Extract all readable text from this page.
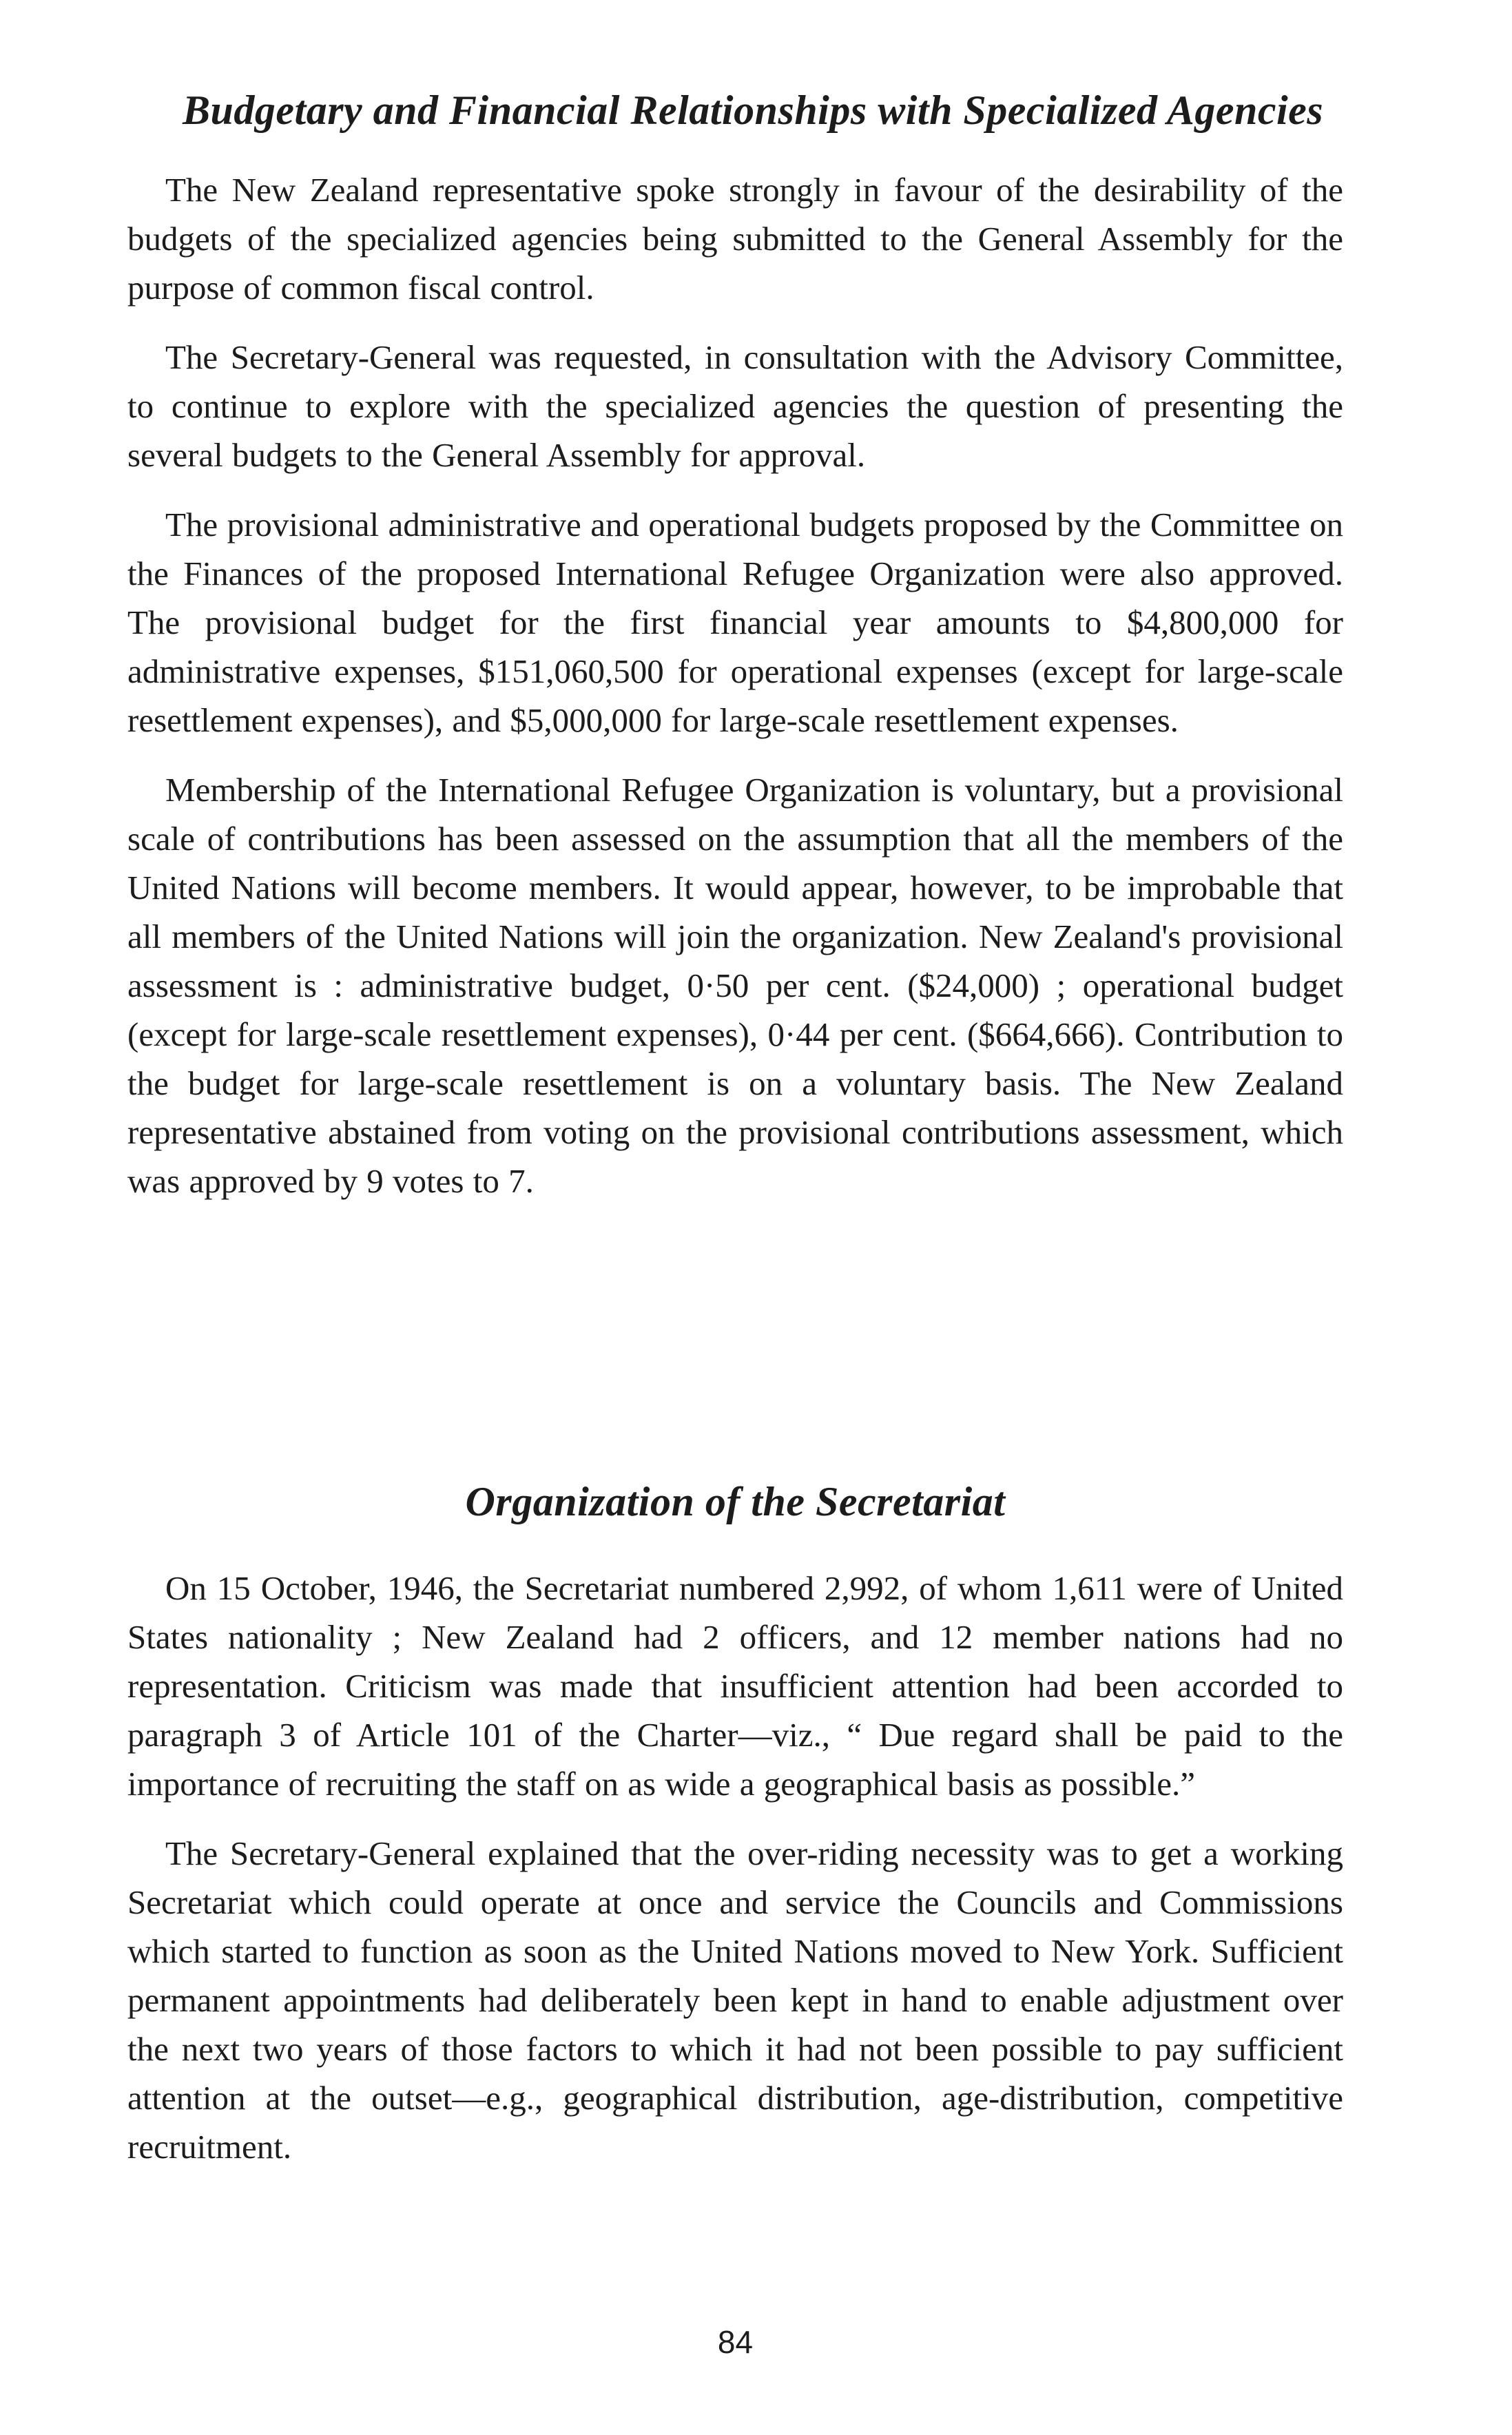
Budgetary and Financial Relationships with Specialized Agencies

The New Zealand representative spoke strongly in favour of the desirability of the budgets of the specialized agencies being submitted to the General Assembly for the purpose of common fiscal control.

The Secretary-General was requested, in consultation with the Advisory Committee, to continue to explore with the specialized agencies the question of presenting the several budgets to the General Assembly for approval.

The provisional administrative and operational budgets proposed by the Committee on the Finances of the proposed International Refugee Organization were also approved. The provisional budget for the first financial year amounts to $4,800,000 for administrative expenses, $151,060,500 for operational expenses (except for large-scale resettlement expenses), and $5,000,000 for large-scale resettlement expenses.

Membership of the International Refugee Organization is voluntary, but a provisional scale of contributions has been assessed on the assumption that all the members of the United Nations will become members. It would appear, however, to be improbable that all members of the United Nations will join the organization. New Zealand's provisional assessment is : administrative budget, 0·50 per cent. ($24,000) ; operational budget (except for large-scale resettlement expenses), 0·44 per cent. ($664,666). Contribution to the budget for large-scale resettlement is on a voluntary basis. The New Zealand representative abstained from voting on the provisional contributions assessment, which was approved by 9 votes to 7.

Organization of the Secretariat

On 15 October, 1946, the Secretariat numbered 2,992, of whom 1,611 were of United States nationality ; New Zealand had 2 officers, and 12 member nations had no representation. Criticism was made that insufficient attention had been accorded to paragraph 3 of Article 101 of the Charter—viz., “ Due regard shall be paid to the importance of recruiting the staff on as wide a geographical basis as possible.”

The Secretary-General explained that the over-riding necessity was to get a working Secretariat which could operate at once and service the Councils and Commissions which started to function as soon as the United Nations moved to New York. Sufficient permanent appointments had deliberately been kept in hand to enable adjustment over the next two years of those factors to which it had not been possible to pay sufficient attention at the outset—e.g., geographical distribution, age-distribution, competitive recruitment.

84
